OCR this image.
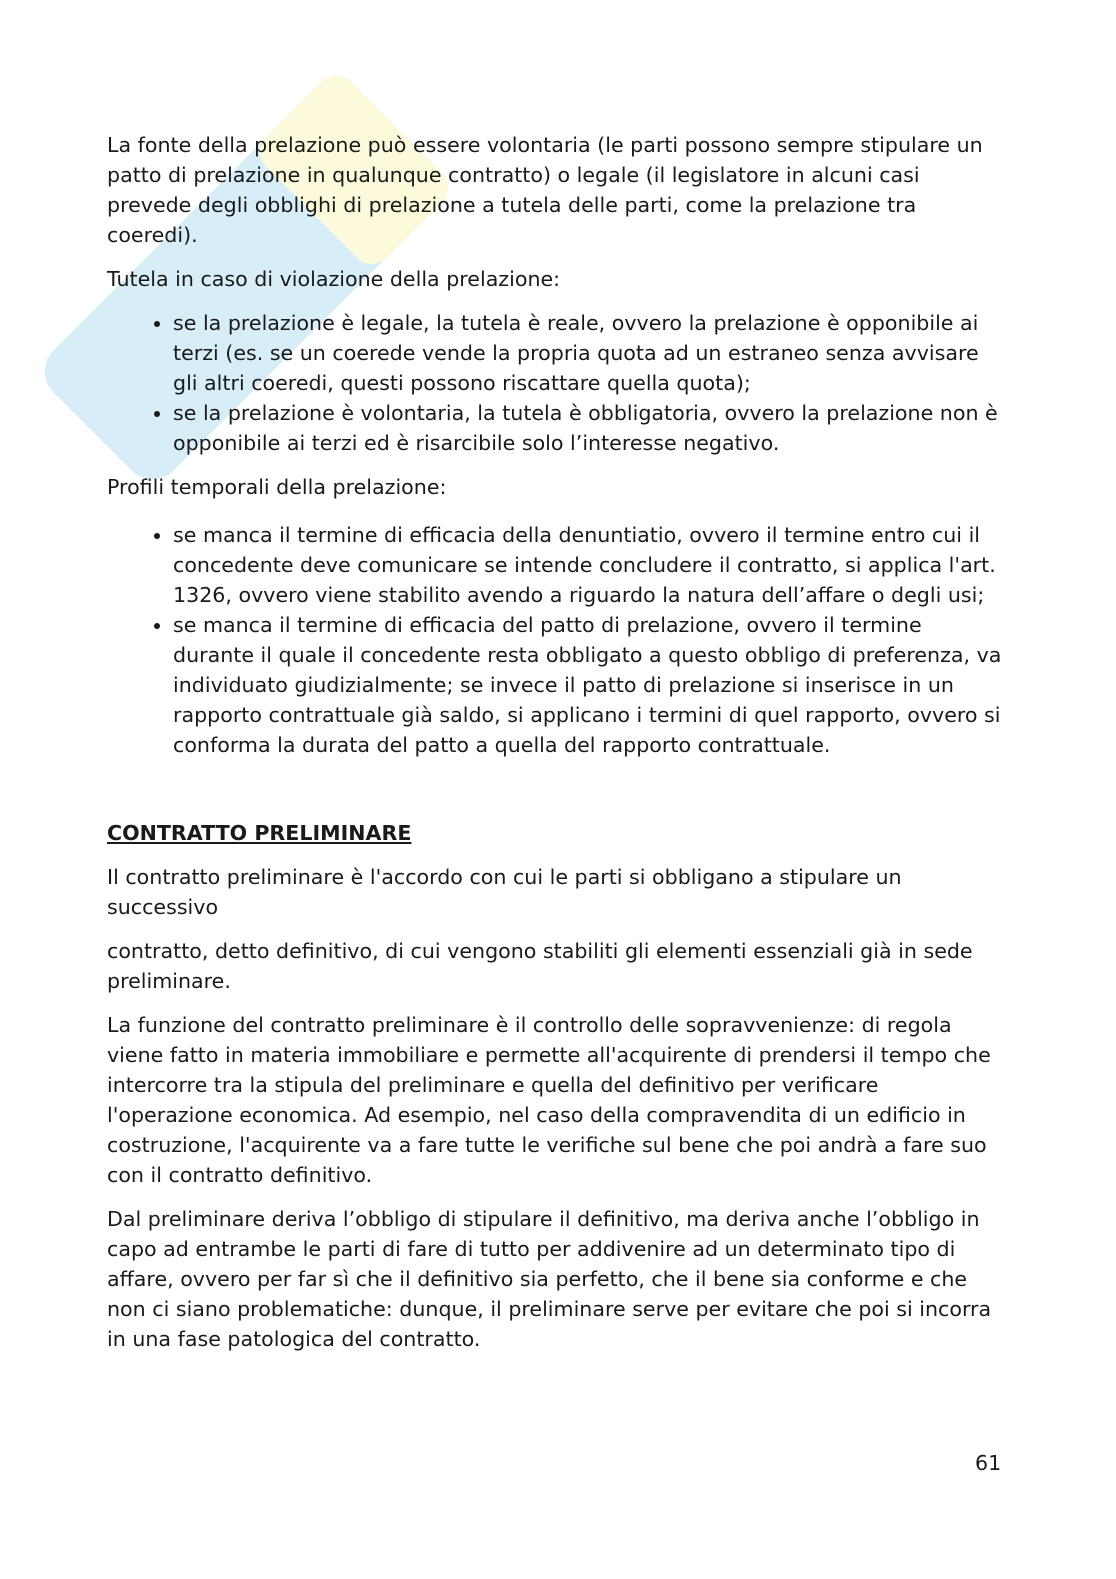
La fonte della prelazione può essere volontaria (le parti possono sempre stipulare un patto di prelazione in qualunque contratto) o legale (il legislatore in alcuni casi prevede degli obblighi di prelazione a tutela delle parti, come la prelazione tra coeredi).

Tutela in caso di violazione della prelazione:

• se la prelazione è legale, la tutela è reale, ovvero la prelazione è opponibile ai terzi (es. se un coerede vende la propria quota ad un estraneo senza avvisare gli altri coeredi, questi possono riscattare quella quota);
• se la prelazione è volontaria, la tutela è obbligatoria, ovvero la prelazione non è opponibile ai terzi ed è risarcibile solo l’interesse negativo.

Profili temporali della prelazione:

• se manca il termine di efficacia della denuntiatio, ovvero il termine entro cui il concedente deve comunicare se intende concludere il contratto, si applica l'art. 1326, ovvero viene stabilito avendo a riguardo la natura dell’affare o degli usi;
• se manca il termine di efficacia del patto di prelazione, ovvero il termine durante il quale il concedente resta obbligato a questo obbligo di preferenza, va individuato giudizialmente; se invece il patto di prelazione si inserisce in un rapporto contrattuale già saldo, si applicano i termini di quel rapporto, ovvero si conforma la durata del patto a quella del rapporto contrattuale.
CONTRATTO PRELIMINARE

Il contratto preliminare è l'accordo con cui le parti si obbligano a stipulare un successivo

contratto, detto definitivo, di cui vengono stabiliti gli elementi essenziali già in sede preliminare.

La funzione del contratto preliminare è il controllo delle sopravvenienze: di regola viene fatto in materia immobiliare e permette all'acquirente di prendersi il tempo che intercorre tra la stipula del preliminare e quella del definitivo per verificare l'operazione economica. Ad esempio, nel caso della compravendita di un edificio in costruzione, l'acquirente va a fare tutte le verifiche sul bene che poi andrà a fare suo con il contratto definitivo.

Dal preliminare deriva l’obbligo di stipulare il definitivo, ma deriva anche l’obbligo in capo ad entrambe le parti di fare di tutto per addivenire ad un determinato tipo di affare, ovvero per far sì che il definitivo sia perfetto, che il bene sia conforme e che non ci siano problematiche: dunque, il preliminare serve per evitare che poi si incorra in una fase patologica del contratto.

61
